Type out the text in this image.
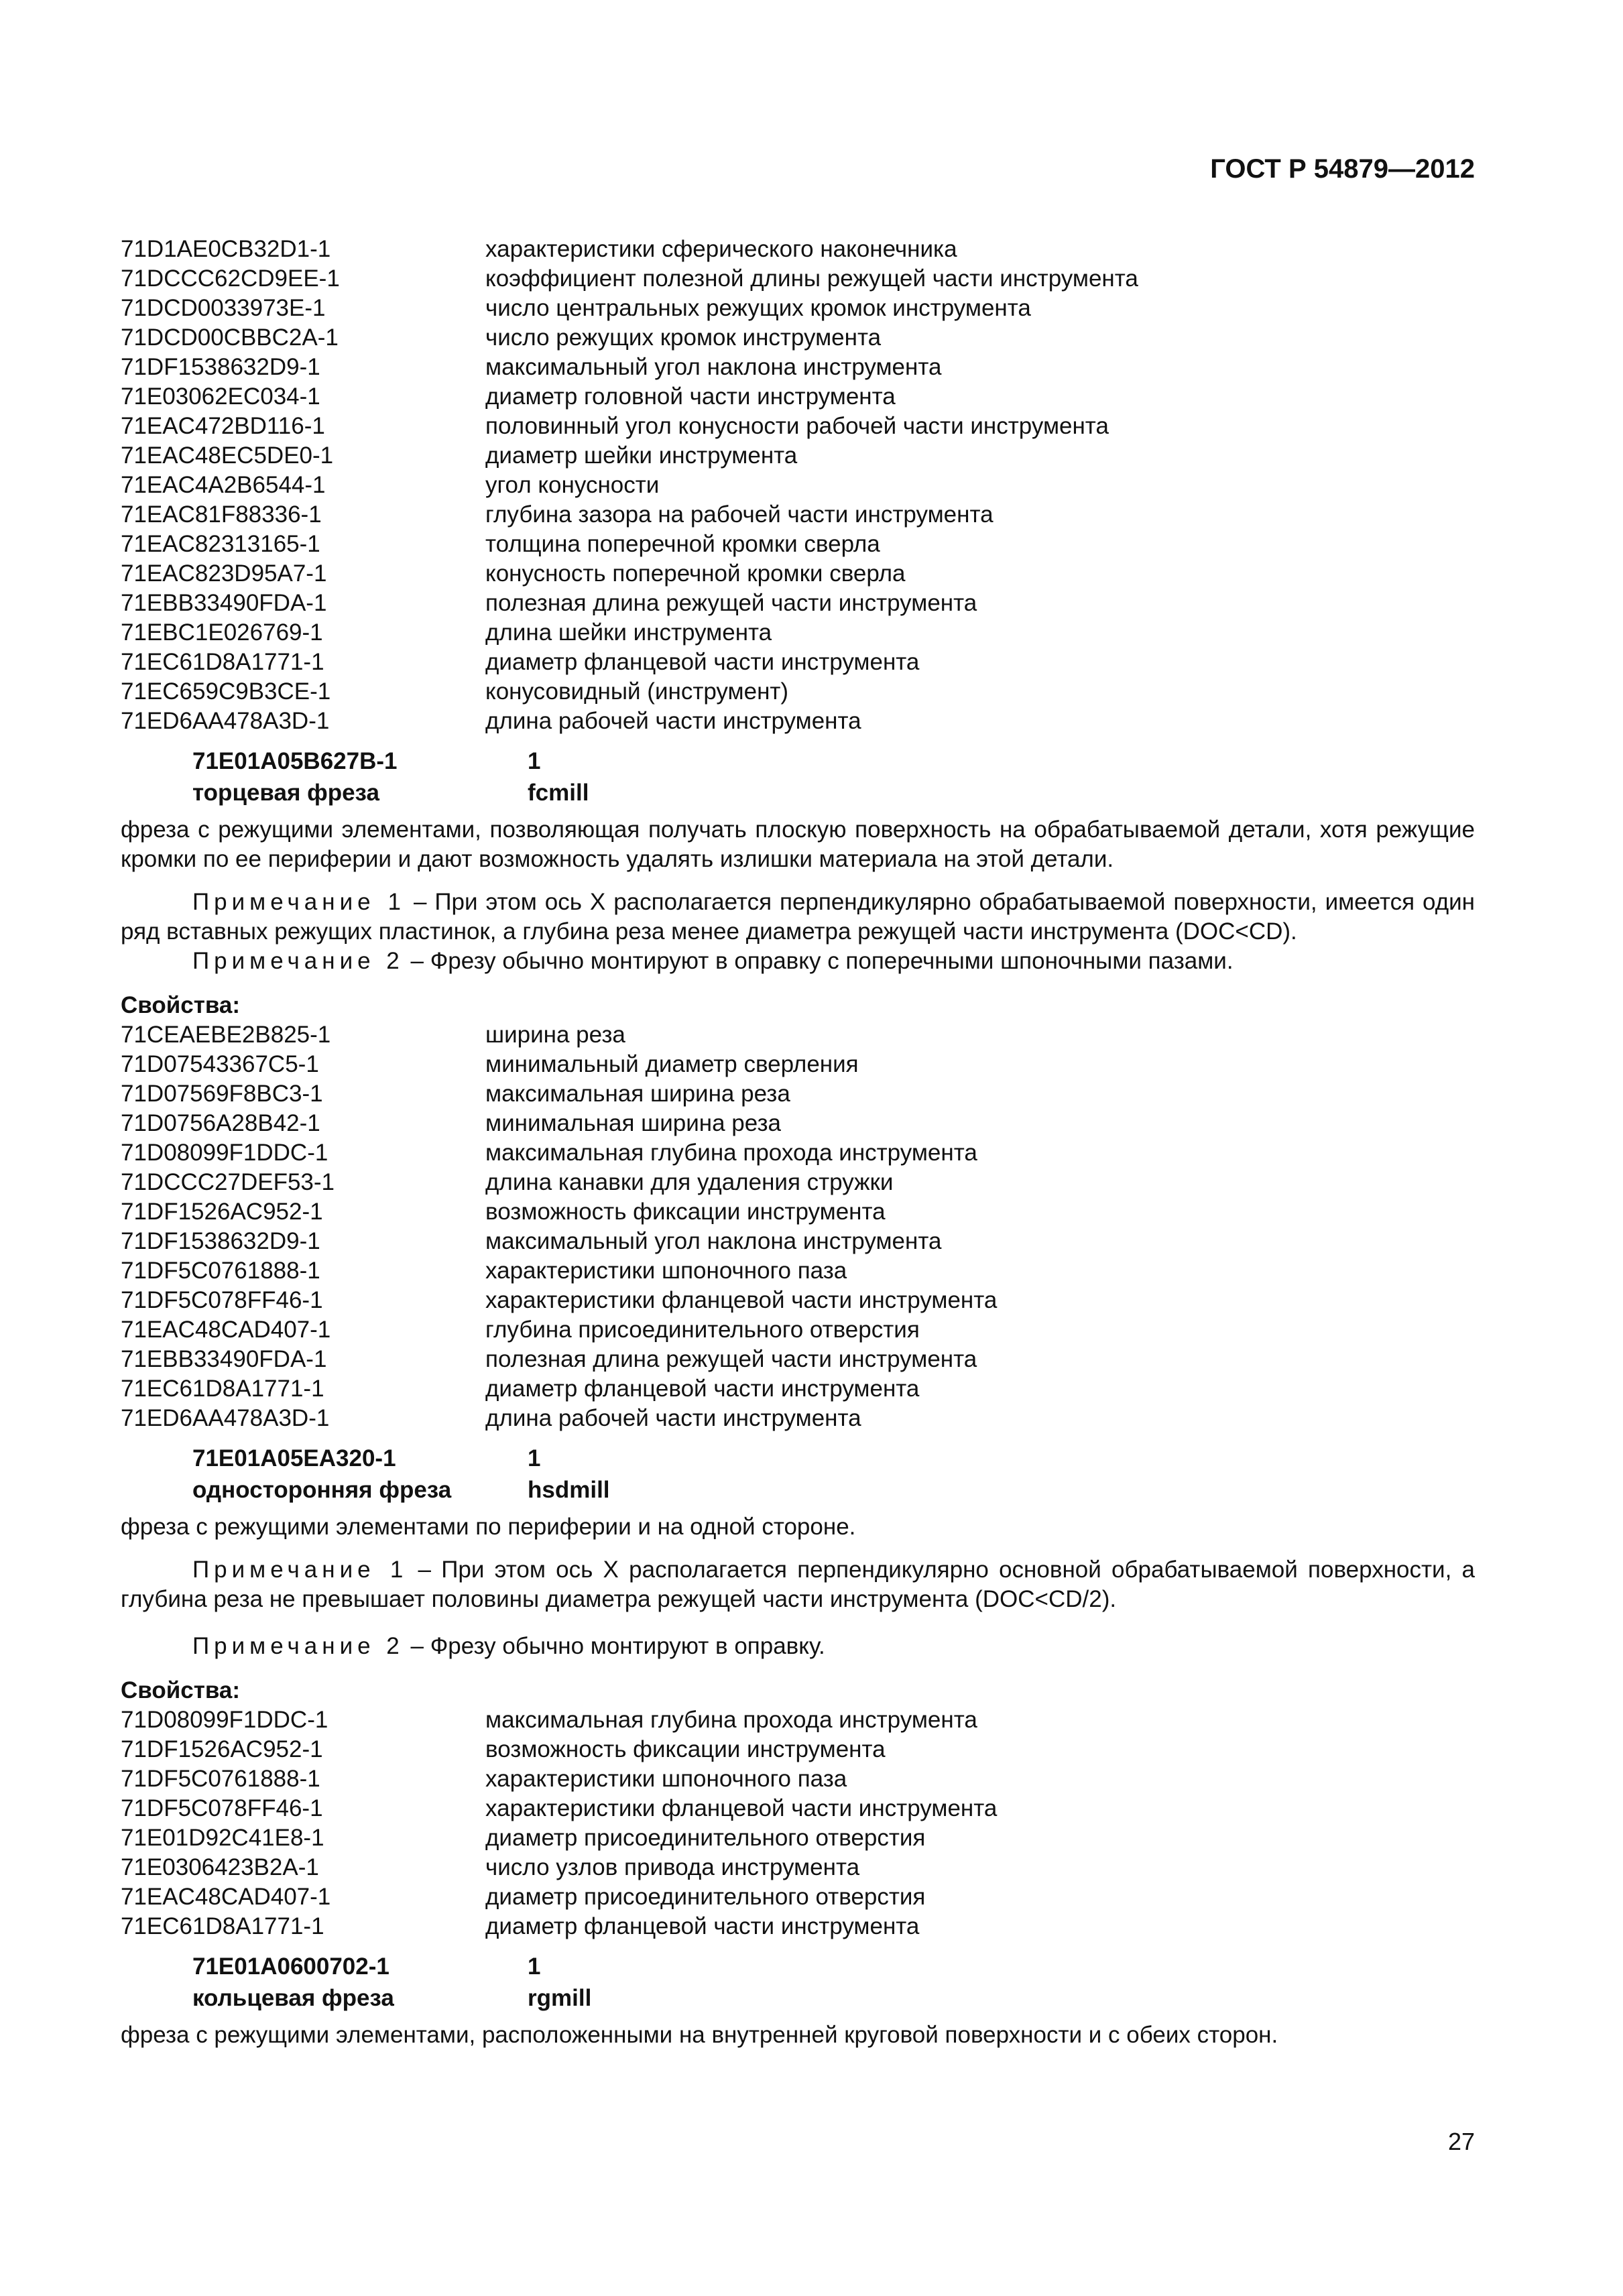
ГОСТ Р 54879—2012
71D1AE0CB32D1-1	характеристики сферического наконечника
71DCCC62CD9EE-1	коэффициент полезной длины режущей части инструмента
71DCD0033973E-1	число центральных режущих кромок инструмента
71DCD00CBBC2A-1	число режущих кромок инструмента
71DF1538632D9-1	максимальный угол наклона инструмента
71E03062EC034-1	диаметр головной части инструмента
71EAC472BD116-1	половинный угол конусности рабочей части инструмента
71EAC48EC5DE0-1	диаметр шейки инструмента
71EAC4A2B6544-1	угол конусности
71EAC81F88336-1	глубина зазора на рабочей части инструмента
71EAC82313165-1	толщина поперечной кромки сверла
71EAC823D95A7-1	конусность поперечной кромки сверла
71EBB33490FDA-1	полезная длина режущей части инструмента
71EBC1E026769-1	длина шейки инструмента
71EC61D8A1771-1	диаметр фланцевой части инструмента
71EC659C9B3CE-1	конусовидный (инструмент)
71ED6AA478A3D-1	длина рабочей части инструмента
71E01A05B627B-1	1
торцевая фреза	fcmill

фреза с режущими элементами, позволяющая получать плоскую поверхность на обрабатываемой детали, хотя режущие кромки по ее периферии и дают возможность удалять излишки материала на этой детали.

Примечание 1 – При этом ось X располагается перпендикулярно обрабатываемой поверхности, имеется один ряд вставных режущих пластинок, а глубина реза менее диаметра режущей части инструмента (DOC<CD).

Примечание 2 – Фрезу обычно монтируют в оправку с поперечными шпоночными пазами.

Свойства:
71CEAEBE2B825-1	ширина реза
71D07543367C5-1	минимальный диаметр сверления
71D07569F8BC3-1	максимальная ширина реза
71D0756A28B42-1	минимальная ширина реза
71D08099F1DDC-1	максимальная глубина прохода инструмента
71DCCC27DEF53-1	длина канавки для удаления стружки
71DF1526AC952-1	возможность фиксации инструмента
71DF1538632D9-1	максимальный угол наклона инструмента
71DF5C0761888-1	характеристики шпоночного паза
71DF5C078FF46-1	характеристики фланцевой части инструмента
71EAC48CAD407-1	глубина присоединительного отверстия
71EBB33490FDA-1	полезная длина режущей части инструмента
71EC61D8A1771-1	диаметр фланцевой части инструмента
71ED6AA478A3D-1	длина рабочей части инструмента
71E01A05EA320-1	1
односторонняя фреза	hsdmill

фреза с режущими элементами по периферии и на одной стороне.

Примечание 1 – При этом ось X располагается перпендикулярно основной обрабатываемой поверхности, а глубина реза не превышает половины диаметра режущей части инструмента (DOC<CD/2).

Примечание 2 – Фрезу обычно монтируют в оправку.

Свойства:
71D08099F1DDC-1	максимальная глубина прохода инструмента
71DF1526AC952-1	возможность фиксации инструмента
71DF5C0761888-1	характеристики шпоночного паза
71DF5C078FF46-1	характеристики фланцевой части инструмента
71E01D92C41E8-1	диаметр присоединительного отверстия
71E0306423B2A-1	число узлов привода инструмента
71EAC48CAD407-1	диаметр присоединительного отверстия
71EC61D8A1771-1	диаметр фланцевой части инструмента
71E01A0600702-1	1
кольцевая фреза	rgmill

фреза с режущими элементами, расположенными на внутренней круговой поверхности и с обеих сторон.

27
